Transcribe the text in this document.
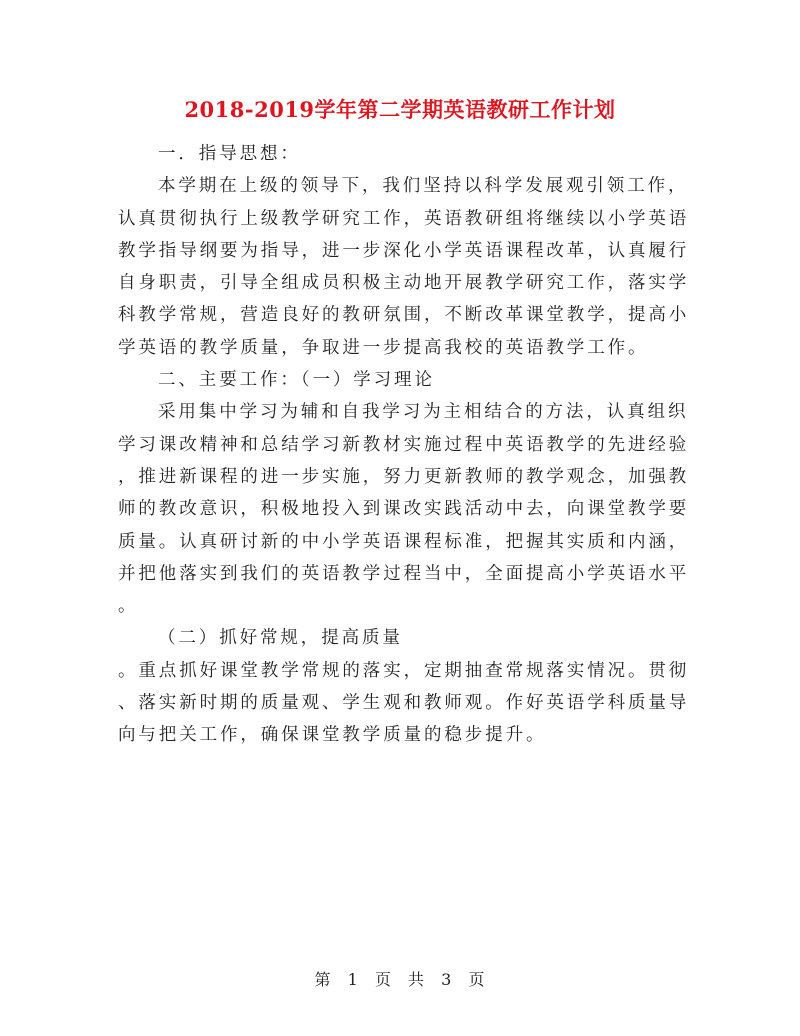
2018-2019学年第二学期英语教研工作计划
一．指导思想：
本学期在上级的领导下，我们坚持以科学发展观引领工作，
认真贯彻执行上级教学研究工作，英语教研组将继续以小学英语
教学指导纲要为指导，进一步深化小学英语课程改革，认真履行
自身职责，引导全组成员积极主动地开展教学研究工作，落实学
科教学常规，营造良好的教研氛围，不断改革课堂教学，提高小
学英语的教学质量，争取进一步提高我校的英语教学工作。
二、主要工作：（一）学习理论
采用集中学习为辅和自我学习为主相结合的方法，认真组织
学习课改精神和总结学习新教材实施过程中英语教学的先进经验
，推进新课程的进一步实施，努力更新教师的教学观念，加强教
师的教改意识，积极地投入到课改实践活动中去，向课堂教学要
质量。认真研讨新的中小学英语课程标准，把握其实质和内涵，
并把他落实到我们的英语教学过程当中，全面提高小学英语水平
。
（二）抓好常规，提高质量
。重点抓好课堂教学常规的落实，定期抽查常规落实情况。贯彻
、落实新时期的质量观、学生观和教师观。作好英语学科质量导
向与把关工作，确保课堂教学质量的稳步提升。
第 1 页 共 3 页
